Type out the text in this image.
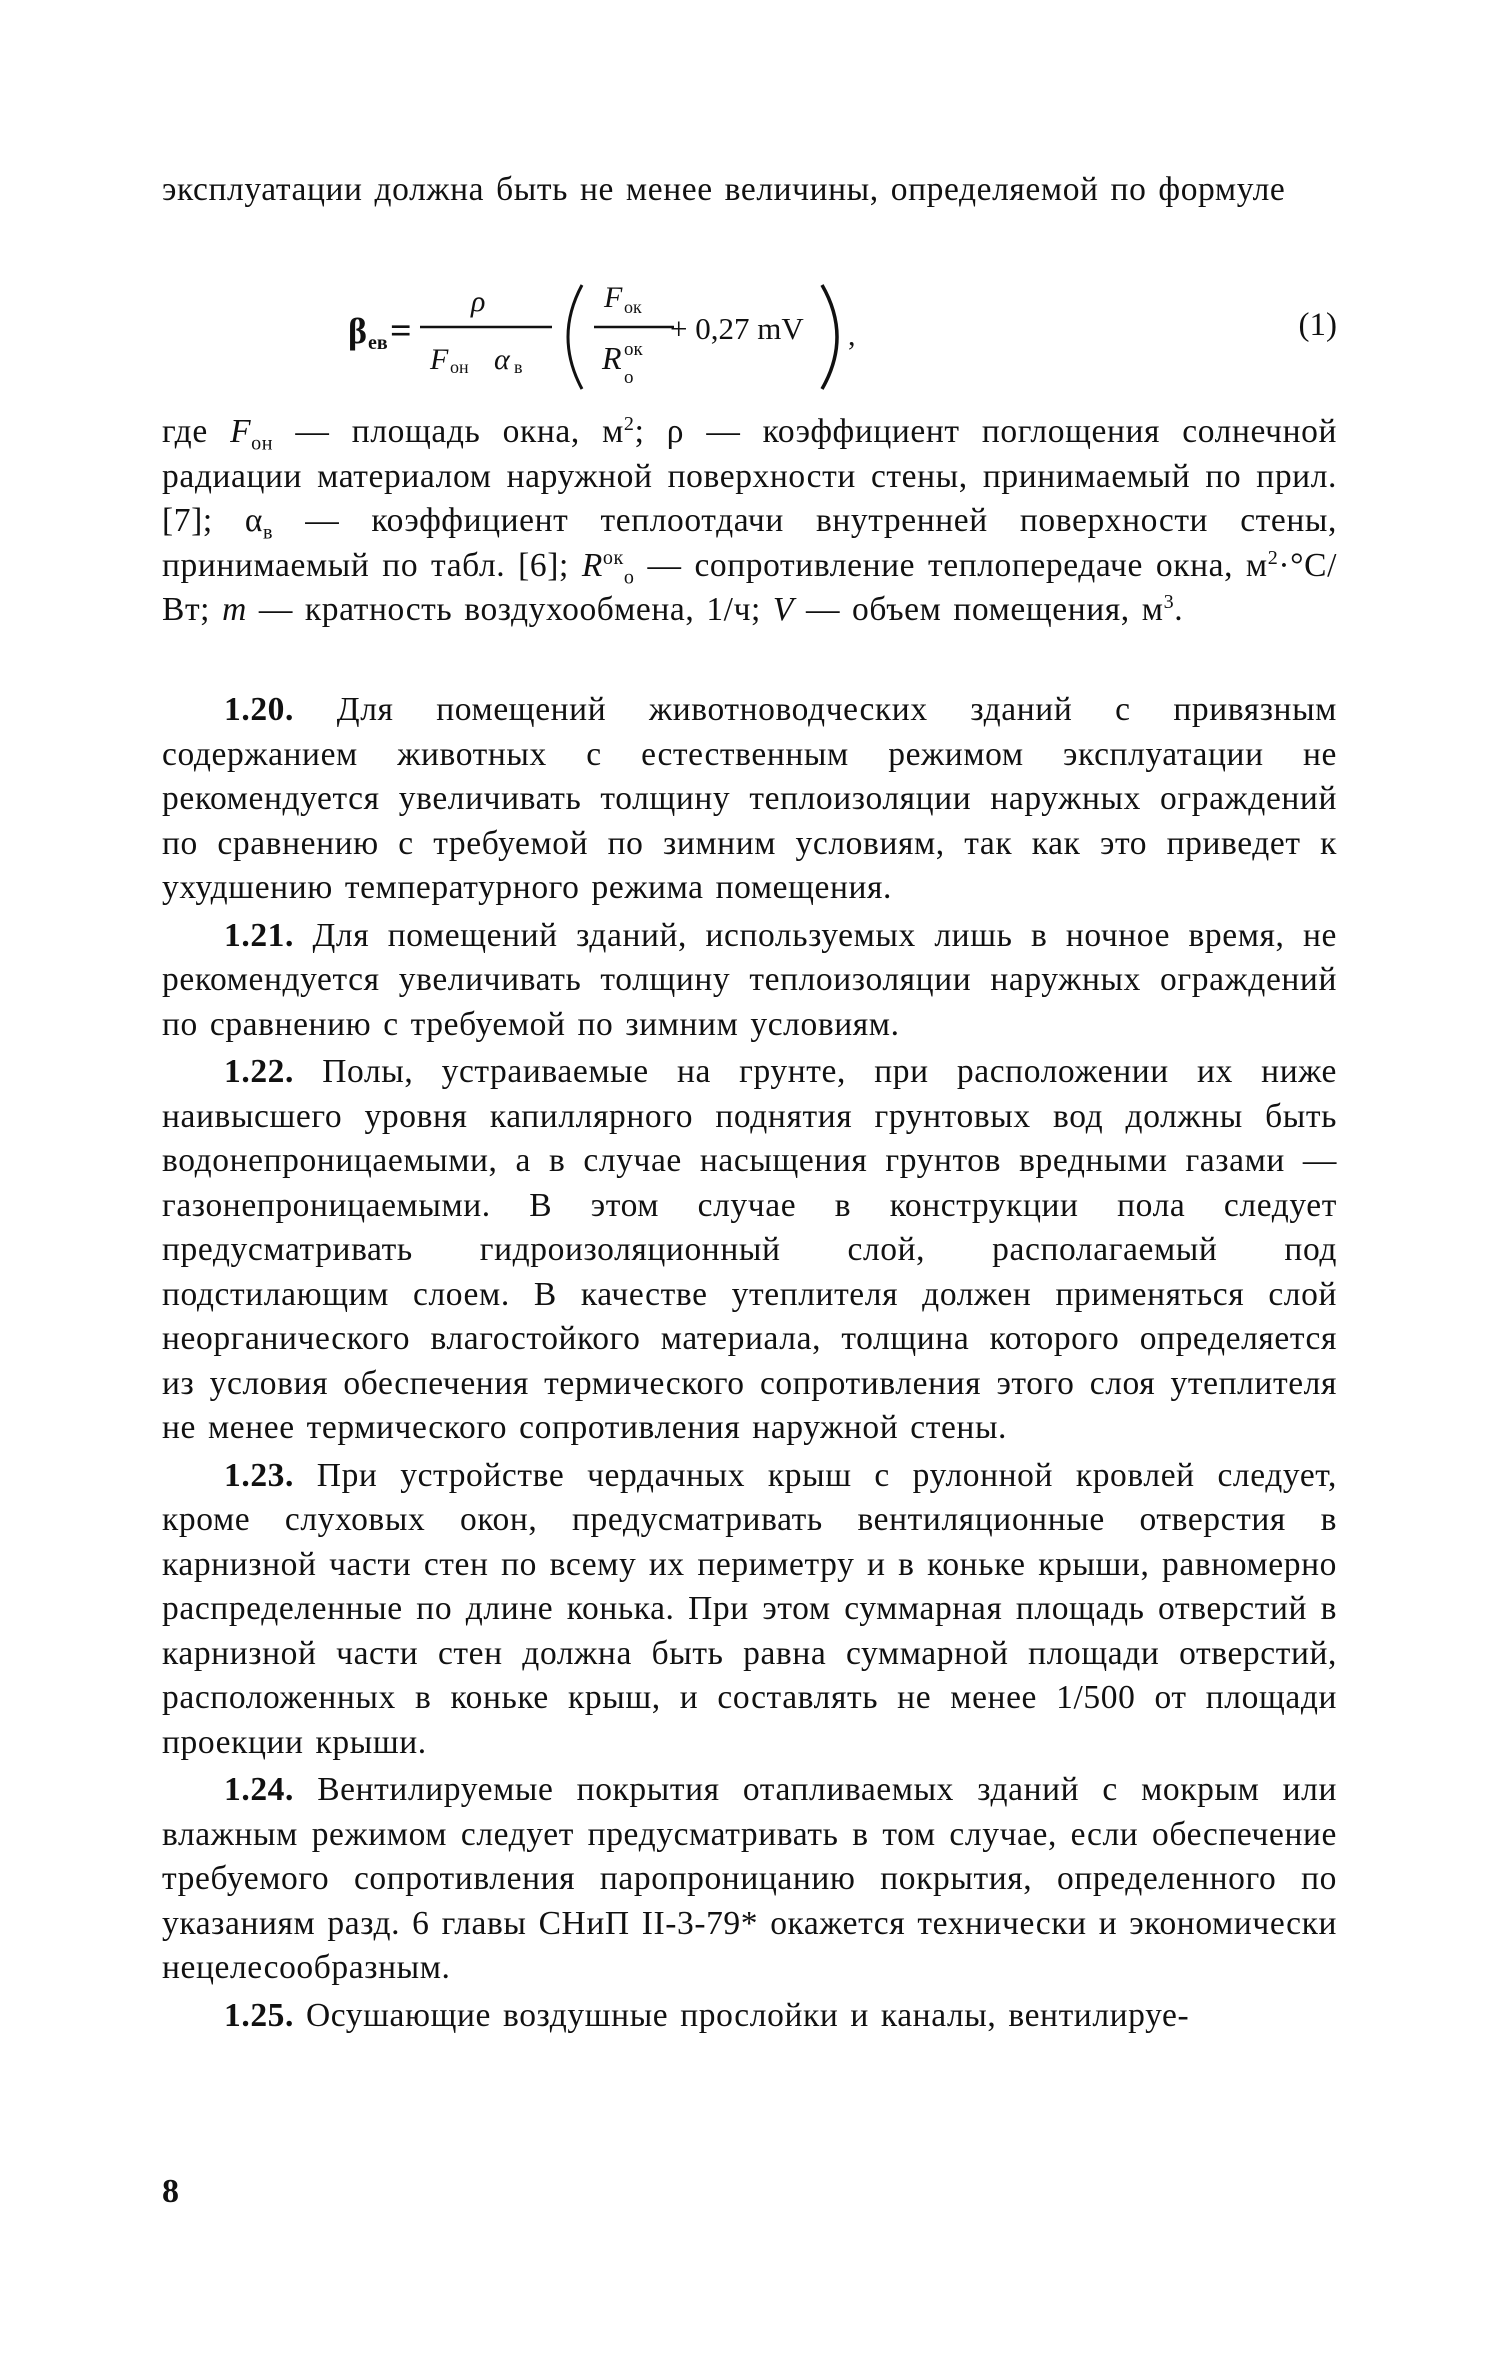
эксплуатации должна быть не менее величины, определяемой по формуле
β ев =
ρ
F он α в
F ок
R ок
о
+ 0,27 mV ,	(1)
где $F_{он}$ — площадь окна, $м^2$; ρ — коэффициент поглощения солнечной радиации материалом наружной поверхности стены, принимаемый по прил. [7]; $\alpha_в$ — коэффициент теплоотдачи внутренней поверхности стены, принимаемый по табл. [6]; $R^{ок}_о$ — сопротивление теплопередаче окна, $м^2\cdot^\circ C/Вт$; m — кратность воздухообмена, 1/ч; V — объем помещения, $м^3$.

1.20. Для помещений животноводческих зданий с привязным содержанием животных с естественным режимом эксплуатации не рекомендуется увеличивать толщину теплоизоляции наружных ограждений по сравнению с требуемой по зимним условиям, так как это приведет к ухудшению температурного режима помещения.

1.21. Для помещений зданий, используемых лишь в ночное время, не рекомендуется увеличивать толщину теплоизоляции наружных ограждений по сравнению с требуемой по зимним условиям.

1.22. Полы, устраиваемые на грунте, при расположении их ниже наивысшего уровня капиллярного поднятия грунтовых вод должны быть водонепроницаемыми, а в случае насыщения грунтов вредными газами — газонепроницаемыми. В этом случае в конструкции пола следует предусматривать гидроизоляционный слой, располагаемый под подстилающим слоем. В качестве утеплителя должен применяться слой неорганического влагостойкого материала, толщина которого определяется из условия обеспечения термического сопротивления этого слоя утеплителя не менее термического сопротивления наружной стены.

1.23. При устройстве чердачных крыш с рулонной кровлей следует, кроме слуховых окон, предусматривать вентиляционные отверстия в карнизной части стен по всему их периметру и в коньке крыши, равномерно распределенные по длине конька. При этом суммарная площадь отверстий в карнизной части стен должна быть равна суммарной площади отверстий, расположенных в коньке крыш, и составлять не менее 1/500 от площади проекции крыши.

1.24. Вентилируемые покрытия отапливаемых зданий с мокрым или влажным режимом следует предусматривать в том случае, если обеспечение требуемого сопротивления паропроницанию покрытия, определенного по указаниям разд. 6 главы СНиП II-3-79* окажется технически и экономически нецелесообразным.

1.25. Осушающие воздушные прослойки и каналы, вентилируе-

8
